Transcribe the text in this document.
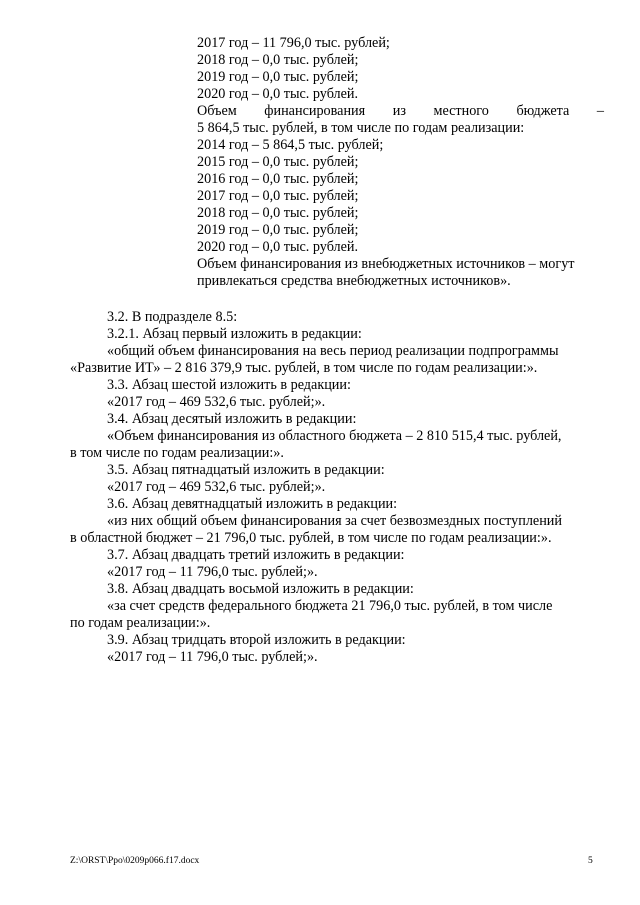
2017 год – 11 796,0 тыс. рублей;
2018 год – 0,0 тыс. рублей;
2019 год – 0,0 тыс. рублей;
2020 год – 0,0 тыс. рублей.
Объем финансирования из местного бюджета –
5 864,5 тыс. рублей, в том числе по годам реализации:
2014 год – 5 864,5 тыс. рублей;
2015 год – 0,0 тыс. рублей;
2016 год – 0,0 тыс. рублей;
2017 год – 0,0 тыс. рублей;
2018 год – 0,0 тыс. рублей;
2019 год – 0,0 тыс. рублей;
2020 год – 0,0 тыс. рублей.
Объем финансирования из внебюджетных источников – могут
привлекаться средства внебюджетных источников».
3.2. В подразделе 8.5:
3.2.1. Абзац первый изложить в редакции:
«общий объем финансирования на весь период реализации подпрограммы
«Развитие ИТ» – 2 816 379,9 тыс. рублей, в том числе по годам реализации:».
3.3. Абзац шестой изложить в редакции:
«2017 год – 469 532,6 тыс. рублей;».
3.4. Абзац десятый изложить в редакции:
«Объем финансирования из областного бюджета – 2 810 515,4 тыс. рублей,
в том числе по годам реализации:».
3.5. Абзац пятнадцатый изложить в редакции:
«2017 год – 469 532,6 тыс. рублей;».
3.6. Абзац девятнадцатый изложить в редакции:
«из них общий объем финансирования за счет безвозмездных поступлений
в областной бюджет – 21 796,0 тыс. рублей, в том числе по годам реализации:».
3.7. Абзац двадцать третий изложить в редакции:
«2017 год – 11 796,0 тыс. рублей;».
3.8. Абзац двадцать восьмой изложить в редакции:
«за счет средств федерального бюджета 21 796,0 тыс. рублей, в том числе
по годам реализации:».
3.9. Абзац тридцать второй изложить в редакции:
«2017 год – 11 796,0 тыс. рублей;».
Z:\ORST\Ppo\0209p066.f17.docx	5
